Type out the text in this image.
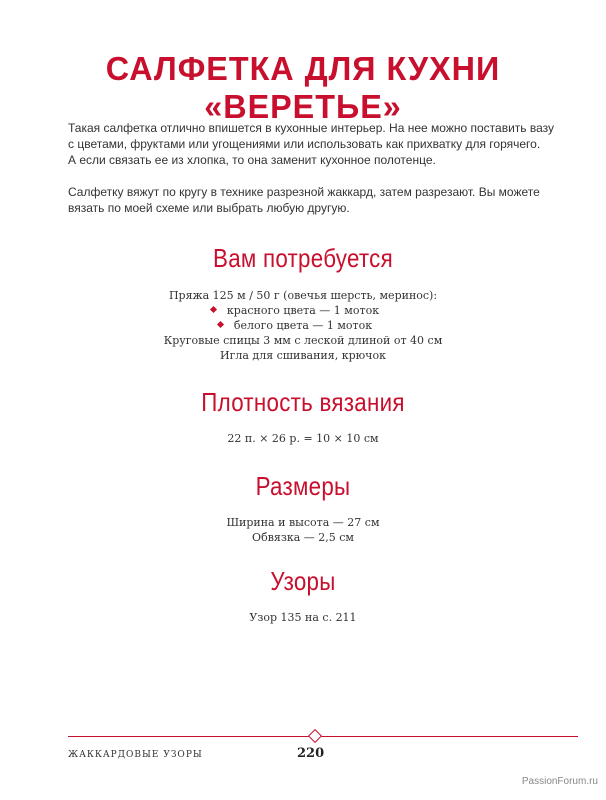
САЛФЕТКА ДЛЯ КУХНИ «ВЕРЕТЬЕ»

Такая салфетка отлично впишется в кухонные интерьер. На нее можно поставить вазу
с цветами, фруктами или угощениями или использовать как прихватку для горячего.
А если связать ее из хлопка, то она заменит кухонное полотенце.

Салфетку вяжут по кругу в технике разрезной жаккард, затем разрезают. Вы можете
вязать по моей схеме или выбрать любую другую.

Вам потребуется
Пряжа 125 м / 50 г (овечья шерсть, меринос):
красного цвета — 1 моток
белого цвета — 1 моток
Круговые спицы 3 мм с леской длиной от 40 см
Игла для сшивания, крючок
Плотность вязания
22 п. × 26 р. = 10 × 10 см
Размеры
Ширина и высота — 27 см
Обвязка — 2,5 см
Узоры
Узор 135 на с. 211
ЖАККАРДОВЫЕ УЗОРЫ	220
PassionForum.ru
